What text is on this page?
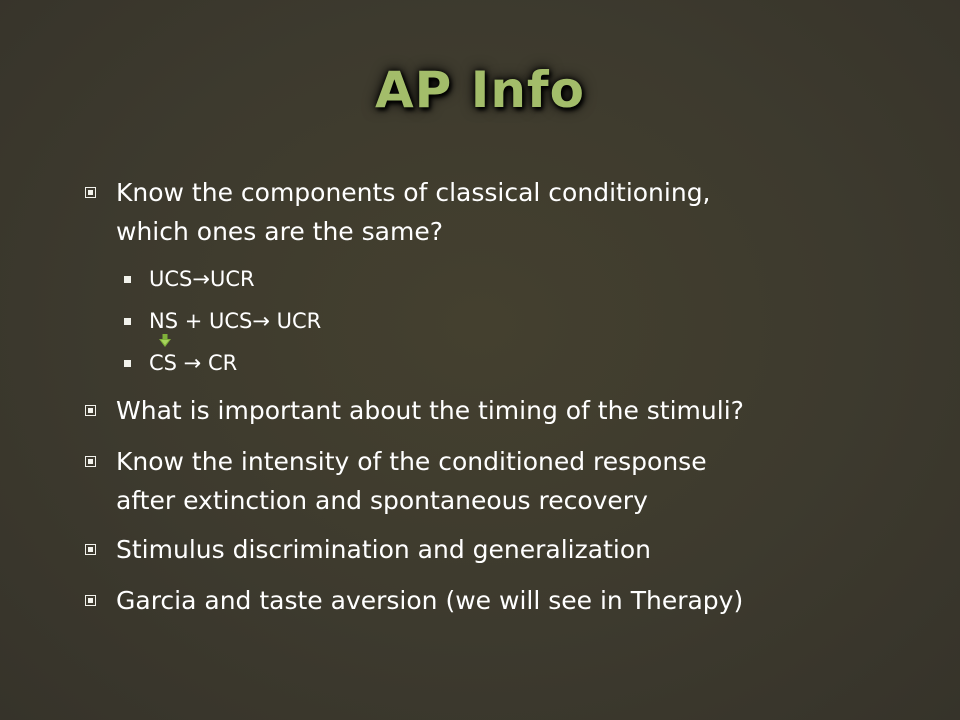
AP Info
Know the components of classical conditioning,
which ones are the same?
UCS→UCR
NS + UCS→ UCR
CS → CR
What is important about the timing of the stimuli?
Know the intensity of the conditioned response
after extinction and spontaneous recovery
Stimulus discrimination and generalization
Garcia and taste aversion (we will see in Therapy)
